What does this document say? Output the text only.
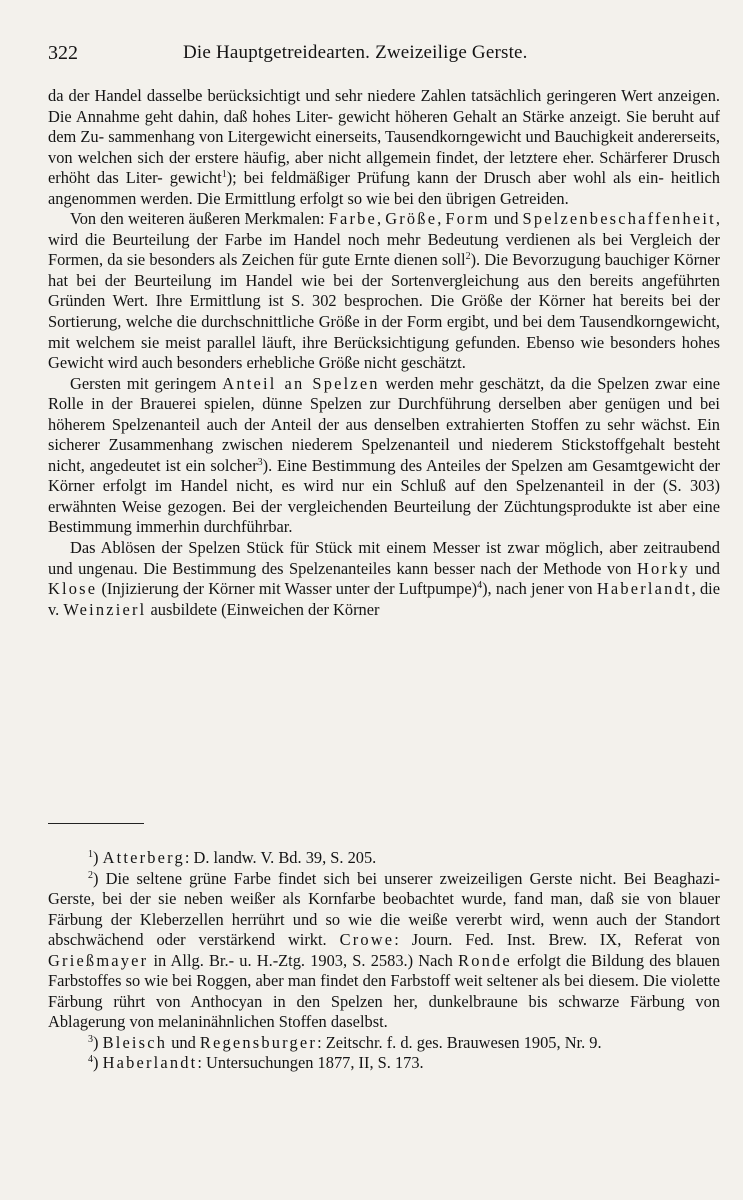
322	Die Hauptgetreidearten. Zweizeilige Gerste.

da der Handel dasselbe berücksichtigt und sehr niedere Zahlen tatsächlich geringeren Wert anzeigen. Die Annahme geht dahin, daß hohes Liter- gewicht höheren Gehalt an Stärke anzeigt. Sie beruht auf dem Zu- sammenhang von Litergewicht einerseits, Tausendkorngewicht und Bauchigkeit andererseits, von welchen sich der erstere häufig, aber nicht allgemein findet, der letztere eher. Schärferer Drusch erhöht das Liter- gewicht$^1$); bei feldmäßiger Prüfung kann der Drusch aber wohl als ein- heitlich angenommen werden. Die Ermittlung erfolgt so wie bei den übrigen Getreiden.

Von den weiteren äußeren Merkmalen: Farbe, Größe, Form und Spelzenbeschaffenheit, wird die Beurteilung der Farbe im Handel noch mehr Bedeutung verdienen als bei Vergleich der Formen, da sie besonders als Zeichen für gute Ernte dienen soll$^2$). Die Bevorzugung bauchiger Körner hat bei der Beurteilung im Handel wie bei der Sortenvergleichung aus den bereits angeführten Gründen Wert. Ihre Ermittlung ist S. 302 besprochen. Die Größe der Körner hat bereits bei der Sortierung, welche die durchschnittliche Größe in der Form ergibt, und bei dem Tausendkorngewicht, mit welchem sie meist parallel läuft, ihre Berücksichtigung gefunden. Ebenso wie besonders hohes Gewicht wird auch besonders erhebliche Größe nicht geschätzt.

Gersten mit geringem Anteil an Spelzen werden mehr geschätzt, da die Spelzen zwar eine Rolle in der Brauerei spielen, dünne Spelzen zur Durchführung derselben aber genügen und bei höherem Spelzenanteil auch der Anteil der aus denselben extrahierten Stoffen zu sehr wächst. Ein sicherer Zusammenhang zwischen niederem Spelzenanteil und niederem Stickstoffgehalt besteht nicht, angedeutet ist ein solcher$^3$). Eine Bestimmung des Anteiles der Spelzen am Gesamtgewicht der Körner erfolgt im Handel nicht, es wird nur ein Schluß auf den Spelzenanteil in der (S. 303) erwähnten Weise gezogen. Bei der vergleichenden Beurteilung der Züchtungsprodukte ist aber eine Bestimmung immerhin durchführbar.

Das Ablösen der Spelzen Stück für Stück mit einem Messer ist zwar möglich, aber zeitraubend und ungenau. Die Bestimmung des Spelzenanteiles kann besser nach der Methode von Horky und Klose (Injizierung der Körner mit Wasser unter der Luftpumpe)$^4$), nach jener von Haberlandt, die v. Weinzierl ausbildete (Einweichen der Körner

$^1$) Atterberg: D. landw. V. Bd. 39, S. 205.

$^2$) Die seltene grüne Farbe findet sich bei unserer zweizeiligen Gerste nicht. Bei Beaghazi-Gerste, bei der sie neben weißer als Kornfarbe beobachtet wurde, fand man, daß sie von blauer Färbung der Kleberzellen herrührt und so wie die weiße vererbt wird, wenn auch der Standort abschwächend oder verstärkend wirkt. Crowe: Journ. Fed. Inst. Brew. IX, Referat von Grießmayer in Allg. Br.- u. H.-Ztg. 1903, S. 2583.) Nach Ronde erfolgt die Bildung des blauen Farbstoffes so wie bei Roggen, aber man findet den Farbstoff weit seltener als bei diesem. Die violette Färbung rührt von Anthocyan in den Spelzen her, dunkelbraune bis schwarze Färbung von Ablagerung von melaninähnlichen Stoffen daselbst.

$^3$) Bleisch und Regensburger: Zeitschr. f. d. ges. Brauwesen 1905, Nr. 9.

$^4$) Haberlandt: Untersuchungen 1877, II, S. 173.
